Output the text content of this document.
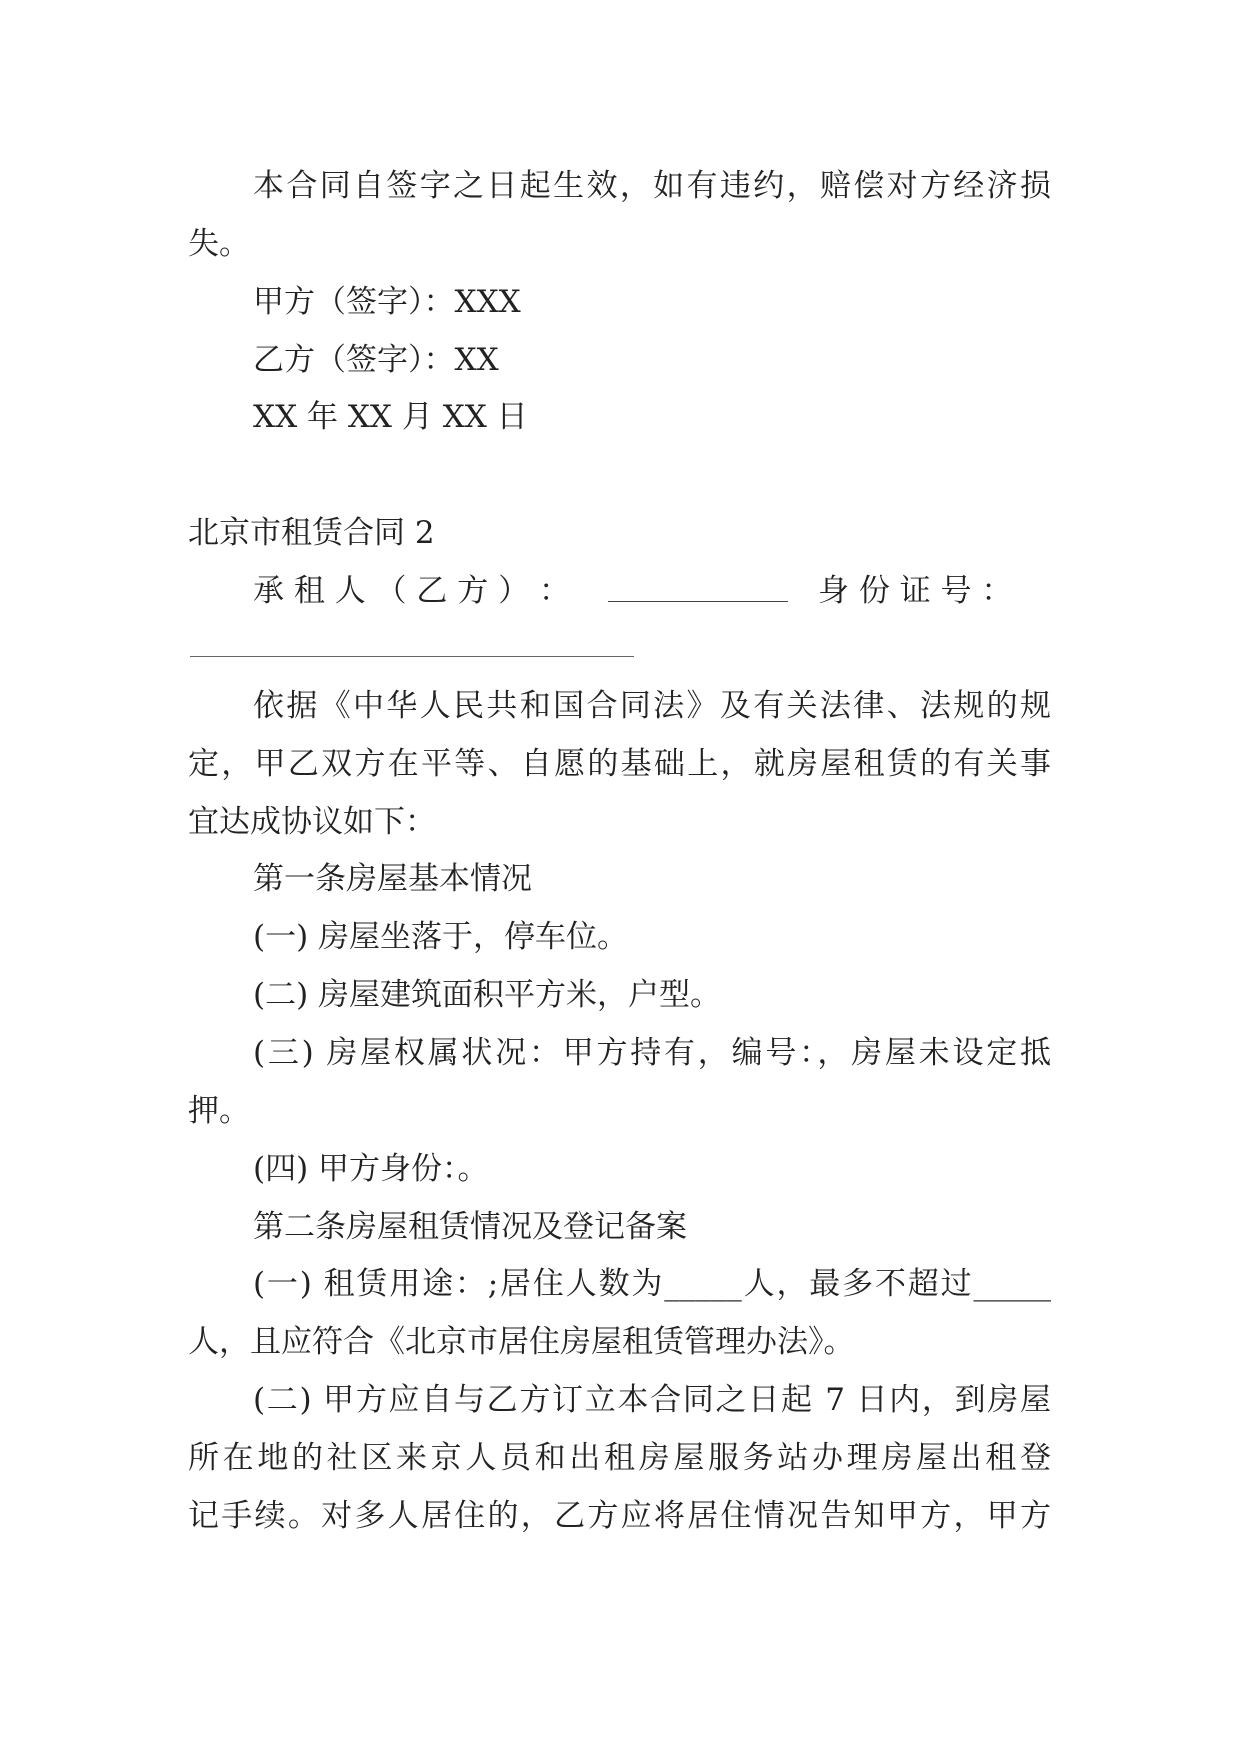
本合同自签字之日起生效，如有违约，赔偿对方经济损

失。

甲方（签字）：XXX

乙方（签字）：XX

XX 年 XX 月 XX 日

北京市租赁合同 2

承 租 人 （ 乙 方 ） ：

	身 份 证 号 ：

依据《中华人民共和国合同法》及有关法律、法规的规

定，甲乙双方在平等、自愿的基础上，就房屋租赁的有关事

宜达成协议如下：

第一条房屋基本情况

(一) 房屋坐落于，停车位。

(二) 房屋建筑面积平方米，户型。

(三) 房屋权属状况：甲方持有，编号：，房屋未设定抵

押。

(四) 甲方身份：。

第二条房屋租赁情况及登记备案

(一) 租赁用途：;居住人数为_____人，最多不超过_____

人，且应符合《北京市居住房屋租赁管理办法》。

(二) 甲方应自与乙方订立本合同之日起 7 日内，到房屋

所在地的社区来京人员和出租房屋服务站办理房屋出租登

记手续。对多人居住的，乙方应将居住情况告知甲方，甲方
